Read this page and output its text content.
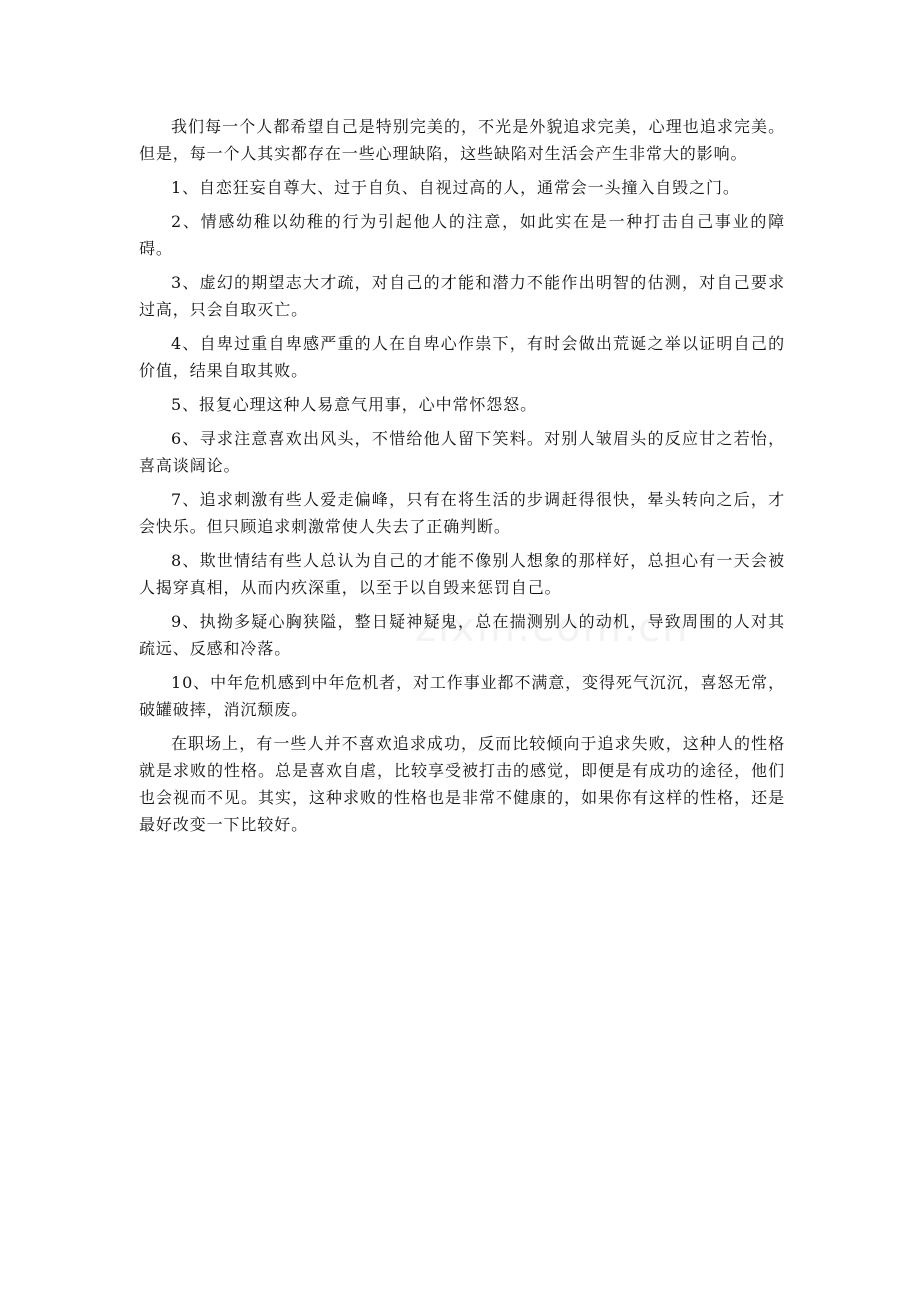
我们每一个人都希望自己是特别完美的，不光是外貌追求完美，心理也追求完美。但是，每一个人其实都存在一些心理缺陷，这些缺陷对生活会产生非常大的影响。

1、自恋狂妄自尊大、过于自负、自视过高的人，通常会一头撞入自毁之门。

2、情感幼稚以幼稚的行为引起他人的注意，如此实在是一种打击自己事业的障碍。

3、虚幻的期望志大才疏，对自己的才能和潜力不能作出明智的估测，对自己要求过高，只会自取灭亡。

4、自卑过重自卑感严重的人在自卑心作祟下，有时会做出荒诞之举以证明自己的价值，结果自取其败。

5、报复心理这种人易意气用事，心中常怀怨怒。

6、寻求注意喜欢出风头，不惜给他人留下笑料。对别人皱眉头的反应甘之若怡，喜高谈阔论。

7、追求刺激有些人爱走偏峰，只有在将生活的步调赶得很快，晕头转向之后，才会快乐。但只顾追求刺激常使人失去了正确判断。

8、欺世情结有些人总认为自己的才能不像别人想象的那样好，总担心有一天会被人揭穿真相，从而内疚深重，以至于以自毁来惩罚自己。

9、执拗多疑心胸狭隘，整日疑神疑鬼，总在揣测别人的动机，导致周围的人对其疏远、反感和冷落。

10、中年危机感到中年危机者，对工作事业都不满意，变得死气沉沉，喜怒无常，破罐破摔，消沉颓废。

在职场上，有一些人并不喜欢追求成功，反而比较倾向于追求失败，这种人的性格就是求败的性格。总是喜欢自虐，比较享受被打击的感觉，即便是有成功的途径，他们也会视而不见。其实，这种求败的性格也是非常不健康的，如果你有这样的性格，还是最好改变一下比较好。
